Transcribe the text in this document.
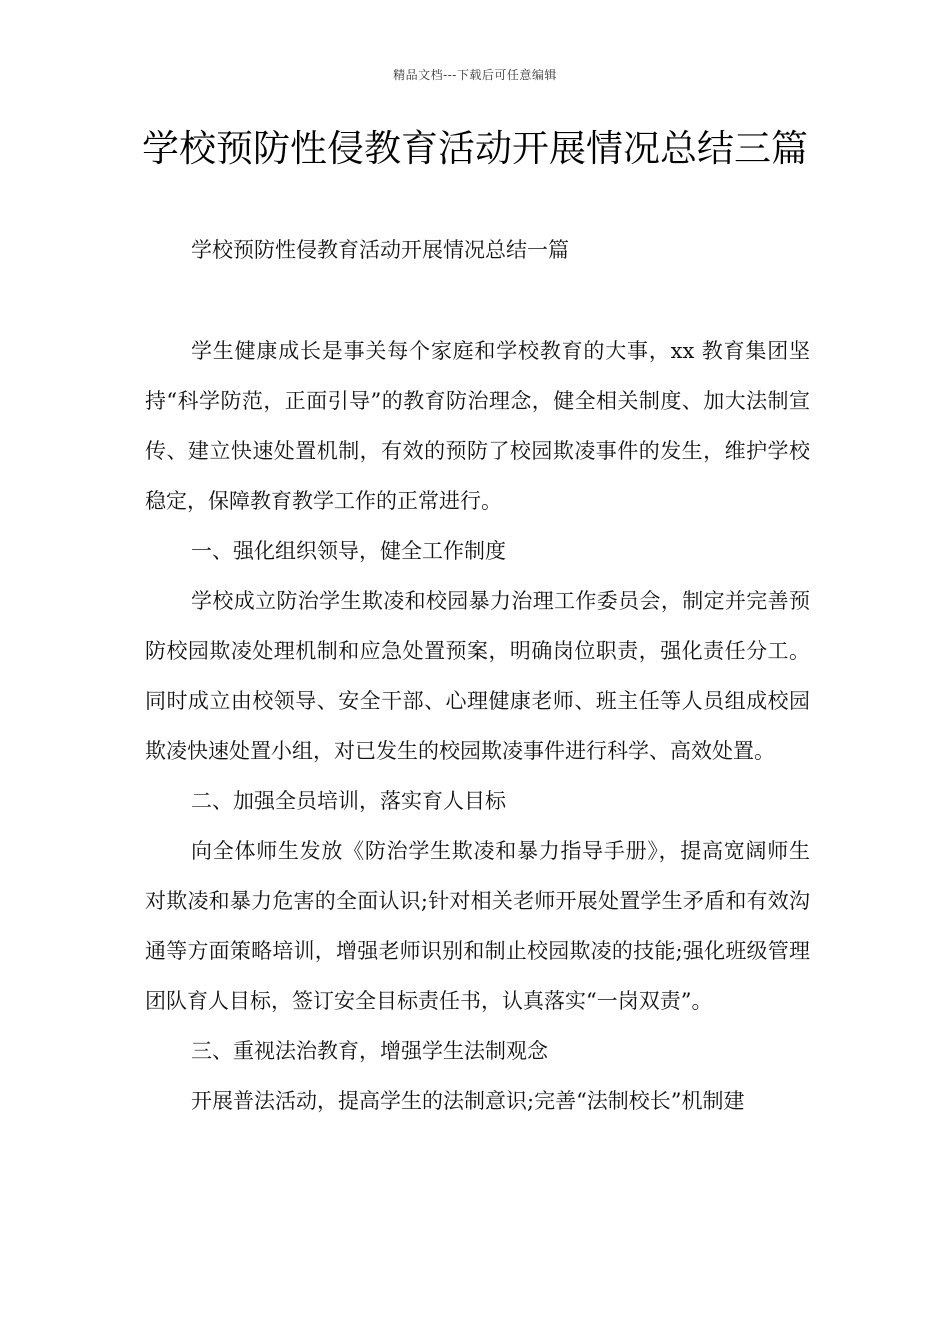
精品文档---下载后可任意编辑
学校预防性侵教育活动开展情况总结三篇

学校预防性侵教育活动开展情况总结一篇

学生健康成长是事关每个家庭和学校教育的大事，xx 教育集团坚持“科学防范，正面引导”的教育防治理念，健全相关制度、加大法制宣传、建立快速处置机制，有效的预防了校园欺凌事件的发生，维护学校稳定，保障教育教学工作的正常进行。

一、强化组织领导，健全工作制度

学校成立防治学生欺凌和校园暴力治理工作委员会，制定并完善预防校园欺凌处理机制和应急处置预案，明确岗位职责，强化责任分工。同时成立由校领导、安全干部、心理健康老师、班主任等人员组成校园欺凌快速处置小组，对已发生的校园欺凌事件进行科学、高效处置。

二、加强全员培训，落实育人目标

向全体师生发放《防治学生欺凌和暴力指导手册》，提高宽阔师生对欺凌和暴力危害的全面认识;针对相关老师开展处置学生矛盾和有效沟通等方面策略培训，增强老师识别和制止校园欺凌的技能;强化班级管理团队育人目标，签订安全目标责任书，认真落实“一岗双责”。

三、重视法治教育，增强学生法制观念

开展普法活动，提高学生的法制意识;完善“法制校长”机制建
